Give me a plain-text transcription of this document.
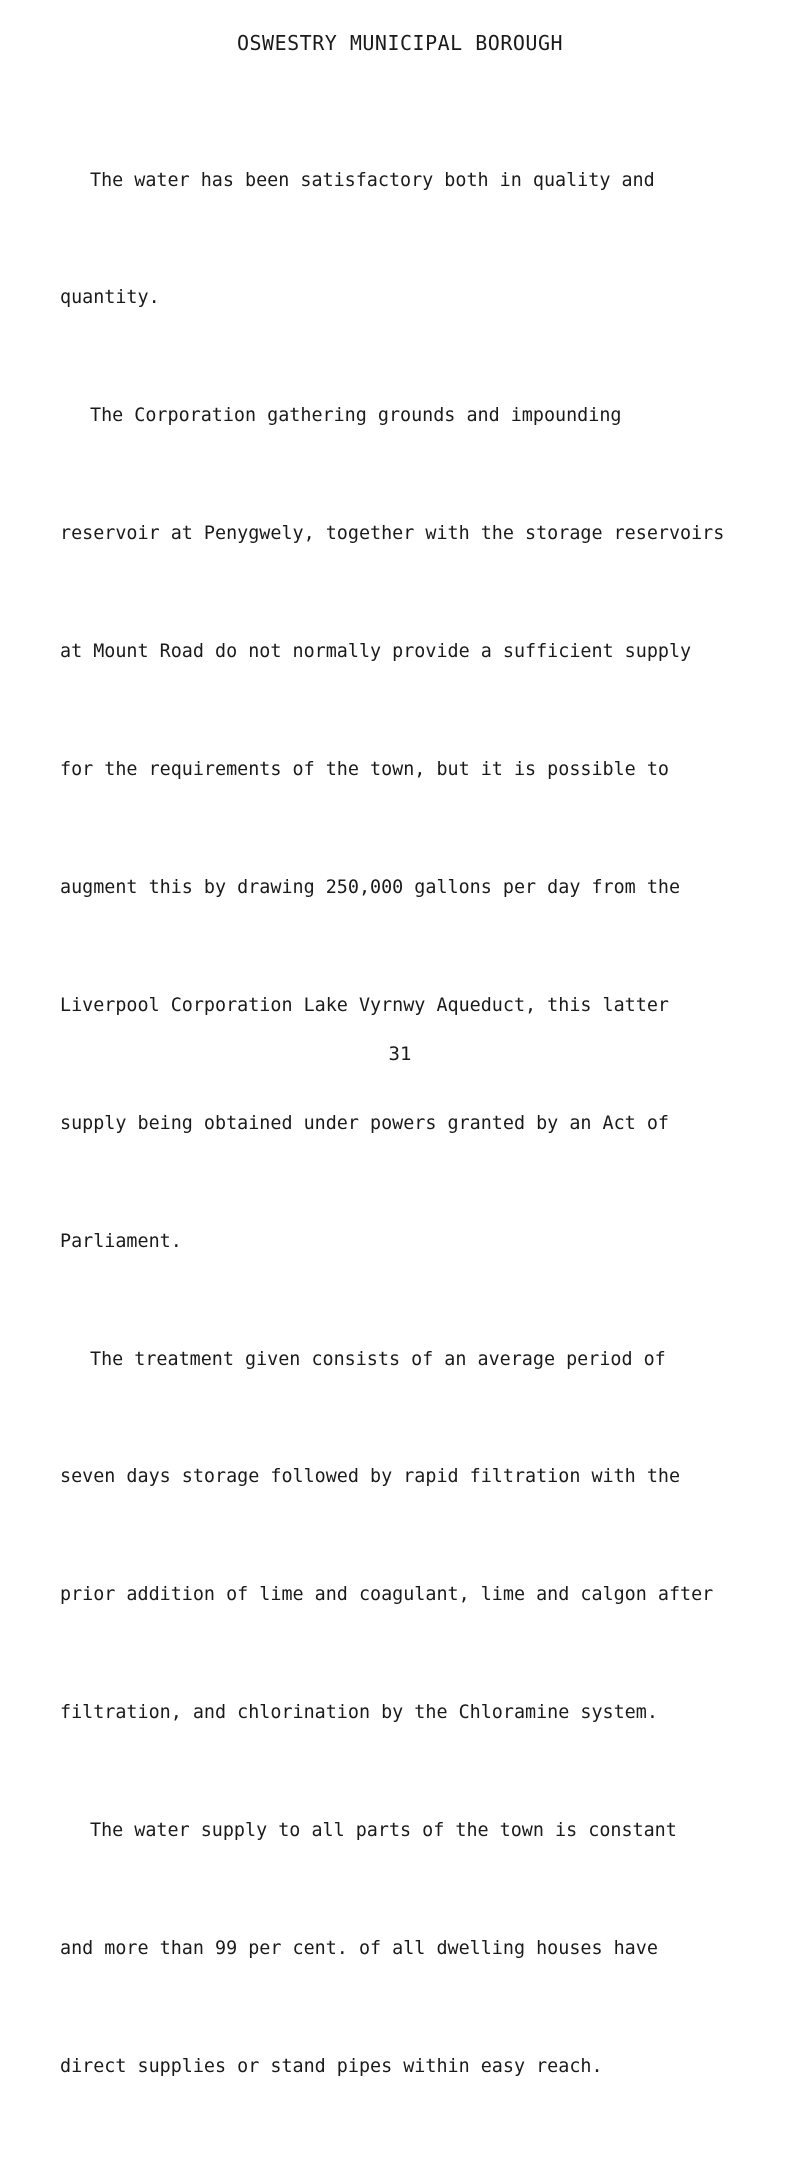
OSWESTRY MUNICIPAL BOROUGH

The water has been satisfactory both in quality and

quantity.

The Corporation gathering grounds and impounding

reservoir at Penygwely, together with the storage reservoirs

at Mount Road do not normally provide a sufficient supply

for the requirements of the town, but it is possible to

augment this by drawing 250,000 gallons per day from the

Liverpool Corporation Lake Vyrnwy Aqueduct, this latter

supply being obtained under powers granted by an Act of

Parliament.

The treatment given consists of an average period of

seven days storage followed by rapid filtration with the

prior addition of lime and coagulant, lime and calgon after

filtration, and chlorination by the Chloramine system.

The water supply to all parts of the town is constant

and more than 99 per cent. of all dwelling houses have

direct supplies or stand pipes within easy reach.

31
